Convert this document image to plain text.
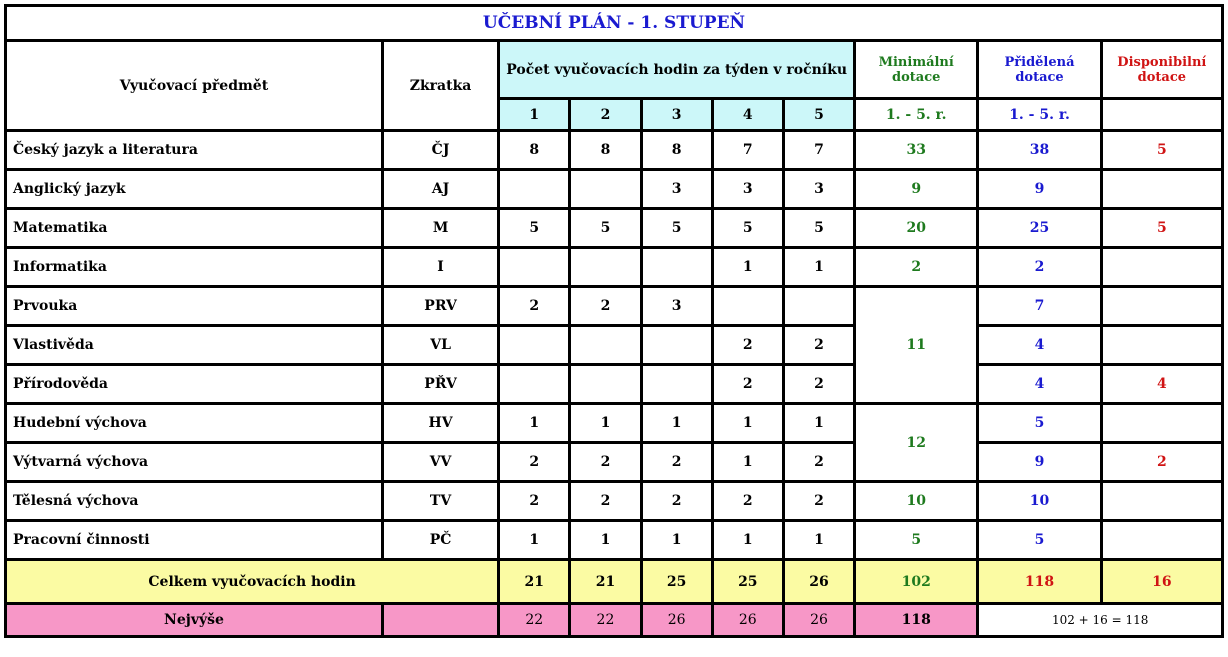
UČEBNÍ PLÁN - 1. STUPEŇ									
Vyučovací předmět	Zkratka	Počet vyučovacích hodin za týden v ročníku					Minimální dotace	Přidělená dotace	Disponibilní dotace
		1	2	3	4	5	1. - 5. r.	1. - 5. r.	
Český jazyk a literatura	ČJ	8	8	8	7	7	33	38	5
Anglický jazyk	AJ			3	3	3	9	9	
Matematika	M	5	5	5	5	5	20	25	5
Informatika	I				1	1	2	2	
Prvouka	PRV	2	2	3			11	7	
Vlastivěda	VL				2	2		4	
Přírodověda	PŘV				2	2		4	4
Hudební výchova	HV	1	1	1	1	1	12	5	
Výtvarná výchova	VV	2	2	2	1	2		9	2
Tělesná výchova	TV	2	2	2	2	2	10	10	
Pracovní činnosti	PČ	1	1	1	1	1	5	5	
Celkem vyučovacích hodin		21	21	25	25	26	102	118	16
Nejvýše		22	22	26	26	26	118	102 + 16 = 118	
